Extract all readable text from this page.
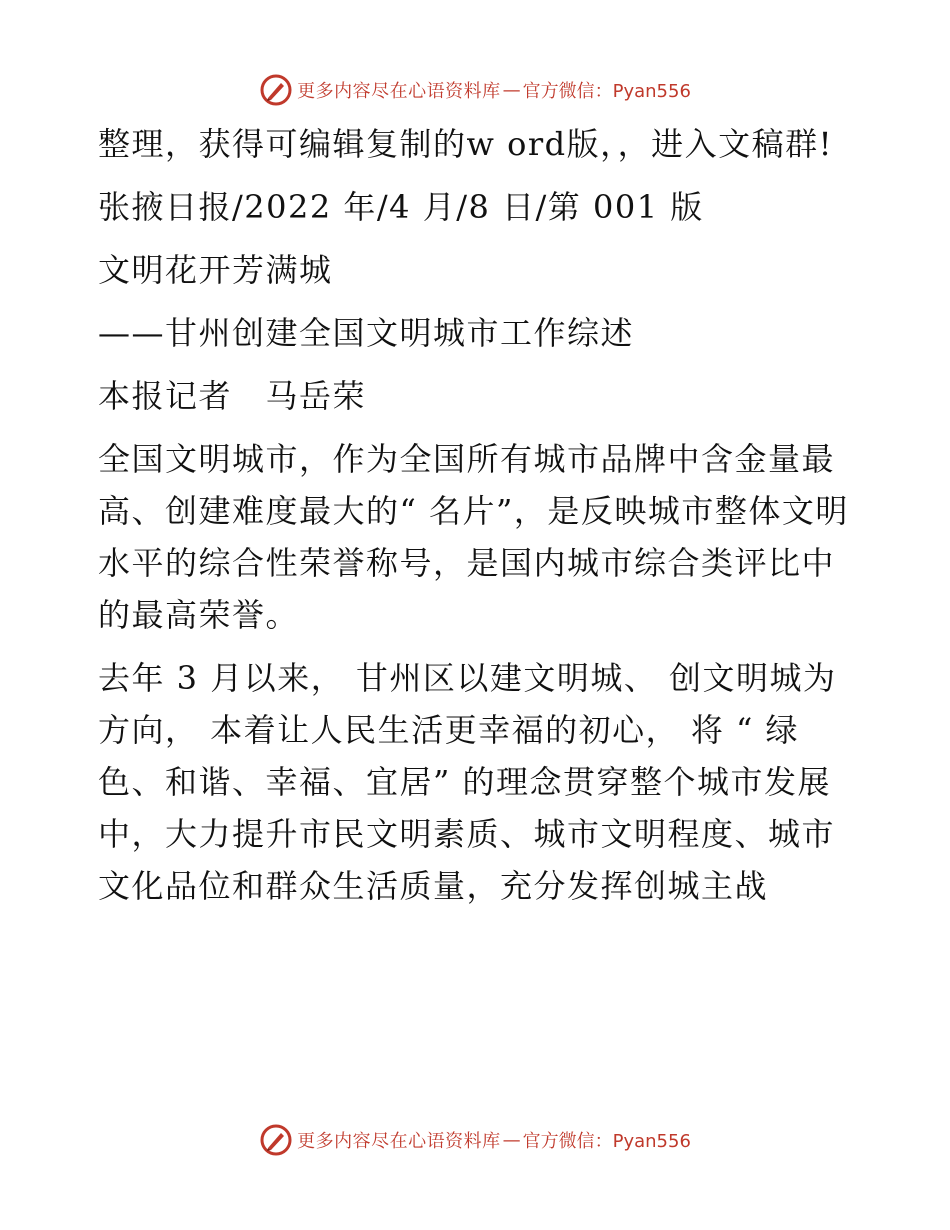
更多内容尽在心语资料库 — 官方微信：Pyan556

整理，获得可编辑复制的w ord版，，进入文稿群!

张掖日报/2022 年/4 月/8 日/第 001 版

文明花开芳满城

——甘州创建全国文明城市工作综述

本报记者　马岳荣

全国文明城市，作为全国所有城市品牌中含金量最高、创建难度最大的“ 名片”，是反映城市整体文明水平的综合性荣誉称号，是国内城市综合类评比中的最高荣誉。

去年 3 月以来， 甘州区以建文明城、 创文明城为方向， 本着让人民生活更幸福的初心， 将 “ 绿色、和谐、幸福、宜居” 的理念贯穿整个城市发展中，大力提升市民文明素质、城市文明程度、城市文化品位和群众生活质量，充分发挥创城主战

更多内容尽在心语资料库 — 官方微信：Pyan556
